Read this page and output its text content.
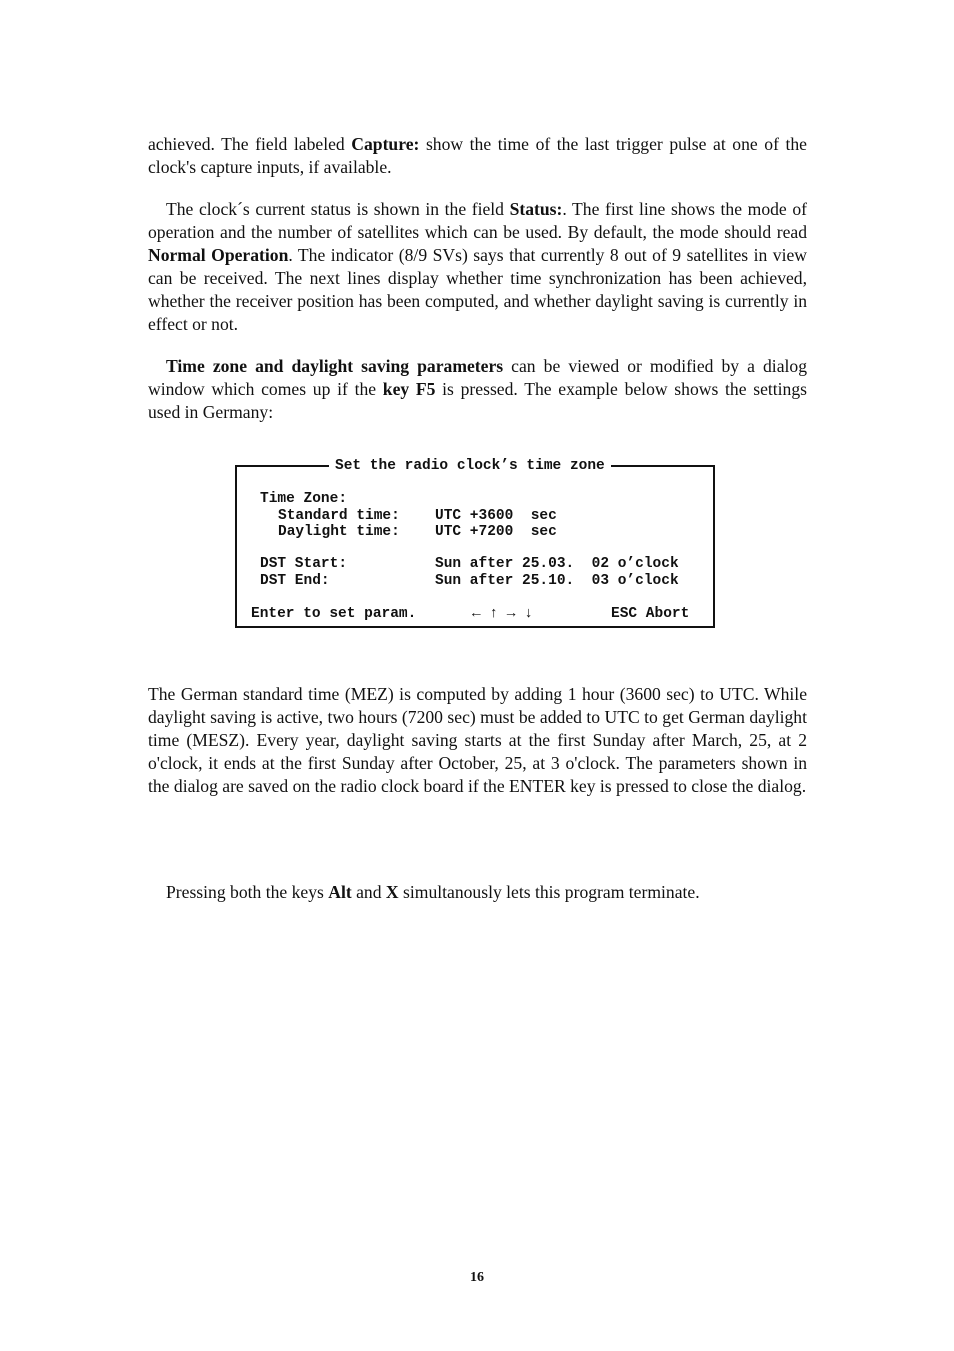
achieved. The field labeled Capture: show the time of the last trigger pulse at one of the clock's capture inputs, if available.

The clock´s current status is shown in the field Status:. The first line shows the mode of operation and the number of satellites which can be used. By default, the mode should read Normal Operation. The indicator (8/9 SVs) says that currently 8 out of 9 satellites in view can be received. The next lines display whether time synchronization has been achieved, whether the receiver position has been computed, and whether daylight saving is currently in effect or not.

Time zone and daylight saving parameters can be viewed or modified by a dialog window which comes up if the key F5 is pressed. The example below shows the settings used in Germany:

Set the radio clock’s time zone
Time Zone:
Standard time: UTC +3600  sec
Daylight time: UTC +7200  sec
DST Start:	Sun after 25.03.  02 o’clock
DST End:	Sun after 25.10.  03 o’clock
Enter to set param.	← ↑ → ↓	ESC Abort

The German standard time (MEZ) is computed by adding 1 hour (3600 sec) to UTC. While daylight saving is active, two hours (7200 sec) must be added to UTC to get German daylight time (MESZ). Every year, daylight saving starts at the first Sunday after March, 25, at 2 o'clock, it ends at the first Sunday after October, 25, at 3 o'clock. The parameters shown in the dialog are saved on the radio clock board if the ENTER key is pressed to close the dialog.

Pressing both the keys Alt and X simultanously lets this program terminate.

16
